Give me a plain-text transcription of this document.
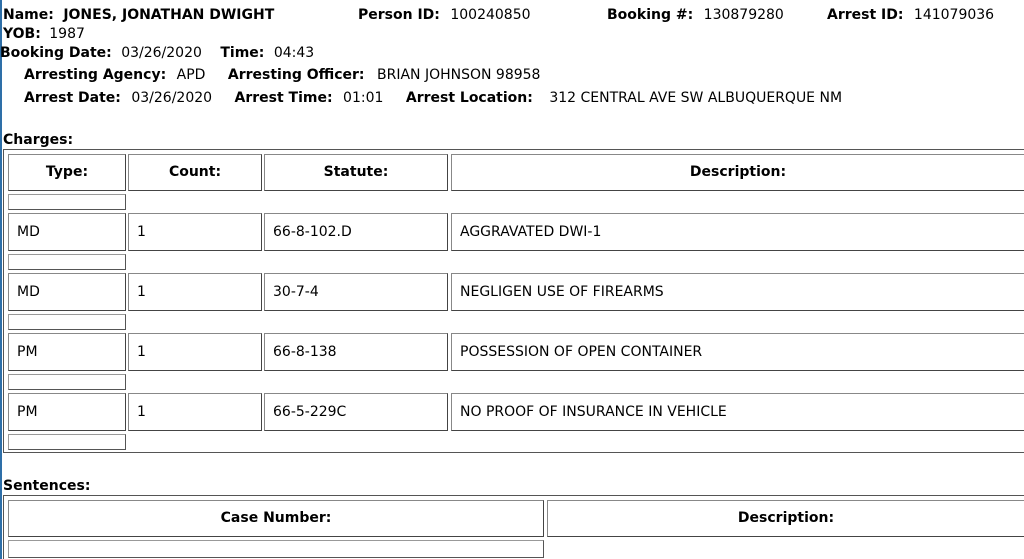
Name: JONES, JONATHAN DWIGHT	Person ID: 100240850	Booking #: 130879280	Arrest ID: 141079036
YOB: 1987
Booking Date: 03/26/2020 Time: 04:43
Arresting Agency: APD Arresting Officer: BRIAN JOHNSON 98958
Arrest Date: 03/26/2020 Arrest Time: 01:01 Arrest Location: 312 CENTRAL AVE SW ALBUQUERQUE NM
Charges:
Type:	Count:	Statute:	Description:
MD	1	66-8-102.D	AGGRAVATED DWI-1
MD	1	30-7-4	NEGLIGEN USE OF FIREARMS
PM	1	66-8-138	POSSESSION OF OPEN CONTAINER
PM	1	66-5-229C	NO PROOF OF INSURANCE IN VEHICLE
Sentences:
Case Number:	Description:
